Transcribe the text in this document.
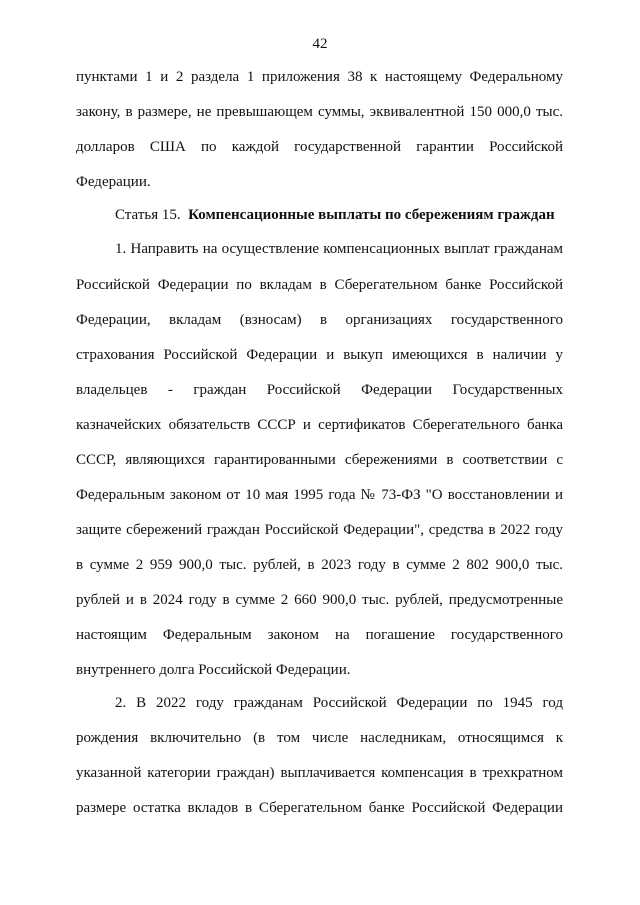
42
пунктами 1 и 2 раздела 1 приложения 38 к настоящему Федеральному
закону, в размере, не превышающем суммы, эквивалентной 150 000,0 тыс.
долларов США по каждой государственной гарантии Российской
Федерации.
Статья 15. Компенсационные выплаты по сбережениям граждан
1. Направить на осуществление компенсационных выплат гражданам
Российской Федерации по вкладам в Сберегательном банке Российской
Федерации, вкладам (взносам) в организациях государственного
страхования Российской Федерации и выкуп имеющихся в наличии у
владельцев - граждан Российской Федерации Государственных
казначейских обязательств СССР и сертификатов Сберегательного банка
СССР, являющихся гарантированными сбережениями в соответствии с
Федеральным законом от 10 мая 1995 года № 73-ФЗ "О восстановлении и
защите сбережений граждан Российской Федерации", средства в 2022 году
в сумме 2 959 900,0 тыс. рублей, в 2023 году в сумме 2 802 900,0 тыс.
рублей и в 2024 году в сумме 2 660 900,0 тыс. рублей, предусмотренные
настоящим Федеральным законом на погашение государственного
внутреннего долга Российской Федерации.
2. В 2022 году гражданам Российской Федерации по 1945 год
рождения включительно (в том числе наследникам, относящимся к
указанной категории граждан) выплачивается компенсация в трехкратном
размере остатка вкладов в Сберегательном банке Российской Федерации
